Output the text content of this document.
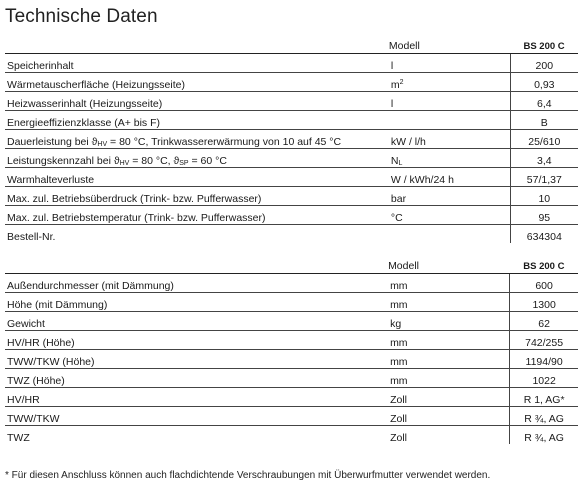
Technische Daten
	Modell	BS 200 C
Speicherinhalt	l	200
Wärmetauscherfläche (Heizungsseite)	$m^2$	0,93
Heizwasserinhalt (Heizungsseite)	l	6,4
Energieeffizienzklasse (A+ bis F)		B
Dauerleistung bei $ϑ_{HV} = 80$ °C, Trinkwassererwärmung von 10 auf 45 °C	kW / l/h	25/610
Leistungskennzahl bei $ϑ_{HV} = 80$ °C, $ϑ_{SP} = 60$ °C	$N_L$	3,4
Warmhalteverluste	W / kWh/24 h	57/1,37
Max. zul. Betriebsüberdruck (Trink- bzw. Pufferwasser)	bar	10
Max. zul. Betriebstemperatur (Trink- bzw. Pufferwasser)	°C	95
Bestell-Nr.		634304
	Modell	BS 200 C
Außendurchmesser (mit Dämmung)	mm	600
Höhe (mit Dämmung)	mm	1300
Gewicht	kg	62
HV/HR (Höhe)	mm	742/255
TWW/TKW (Höhe)	mm	1194/90
TWZ (Höhe)	mm	1022
HV/HR	Zoll	R 1, AG*
TWW/TKW	Zoll	R ¾, AG
TWZ	Zoll	R ¾, AG
* Für diesen Anschluss können auch flachdichtende Verschraubungen mit Überwurfmutter verwendet werden.
